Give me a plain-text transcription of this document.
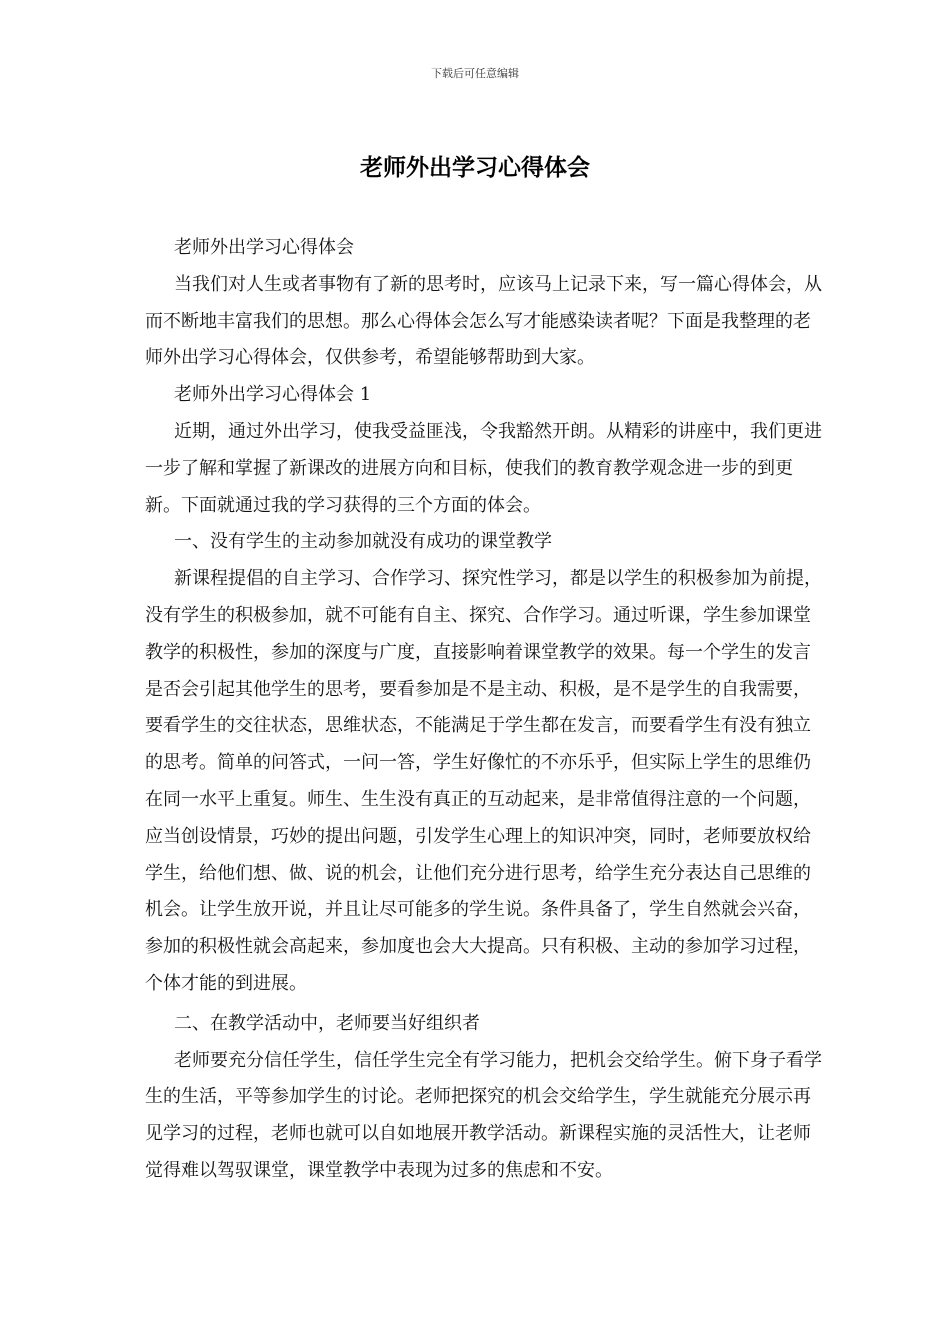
下载后可任意编辑
老师外出学习心得体会

老师外出学习心得体会

当我们对人生或者事物有了新的思考时，应该马上记录下来，写一篇心得体会，从而不断地丰富我们的思想。那么心得体会怎么写才能感染读者呢？下面是我整理的老师外出学习心得体会，仅供参考，希望能够帮助到大家。

老师外出学习心得体会 1

近期，通过外出学习，使我受益匪浅，令我豁然开朗。从精彩的讲座中，我们更进一步了解和掌握了新课改的进展方向和目标，使我们的教育教学观念进一步的到更新。下面就通过我的学习获得的三个方面的体会。

一、没有学生的主动参加就没有成功的课堂教学

新课程提倡的自主学习、合作学习、探究性学习，都是以学生的积极参加为前提，没有学生的积极参加，就不可能有自主、探究、合作学习。通过听课，学生参加课堂教学的积极性，参加的深度与广度，直接影响着课堂教学的效果。每一个学生的发言是否会引起其他学生的思考，要看参加是不是主动、积极，是不是学生的自我需要，要看学生的交往状态，思维状态，不能满足于学生都在发言，而要看学生有没有独立的思考。简单的问答式，一问一答，学生好像忙的不亦乐乎，但实际上学生的思维仍在同一水平上重复。师生、生生没有真正的互动起来，是非常值得注意的一个问题，应当创设情景，巧妙的提出问题，引发学生心理上的知识冲突，同时，老师要放权给学生，给他们想、做、说的机会，让他们充分进行思考，给学生充分表达自己思维的机会。让学生放开说，并且让尽可能多的学生说。条件具备了，学生自然就会兴奋，参加的积极性就会高起来，参加度也会大大提高。只有积极、主动的参加学习过程，个体才能的到进展。

二、在教学活动中，老师要当好组织者

老师要充分信任学生，信任学生完全有学习能力，把机会交给学生。俯下身子看学生的生活，平等参加学生的讨论。老师把探究的机会交给学生，学生就能充分展示再见学习的过程，老师也就可以自如地展开教学活动。新课程实施的灵活性大，让老师觉得难以驾驭课堂，课堂教学中表现为过多的焦虑和不安。
